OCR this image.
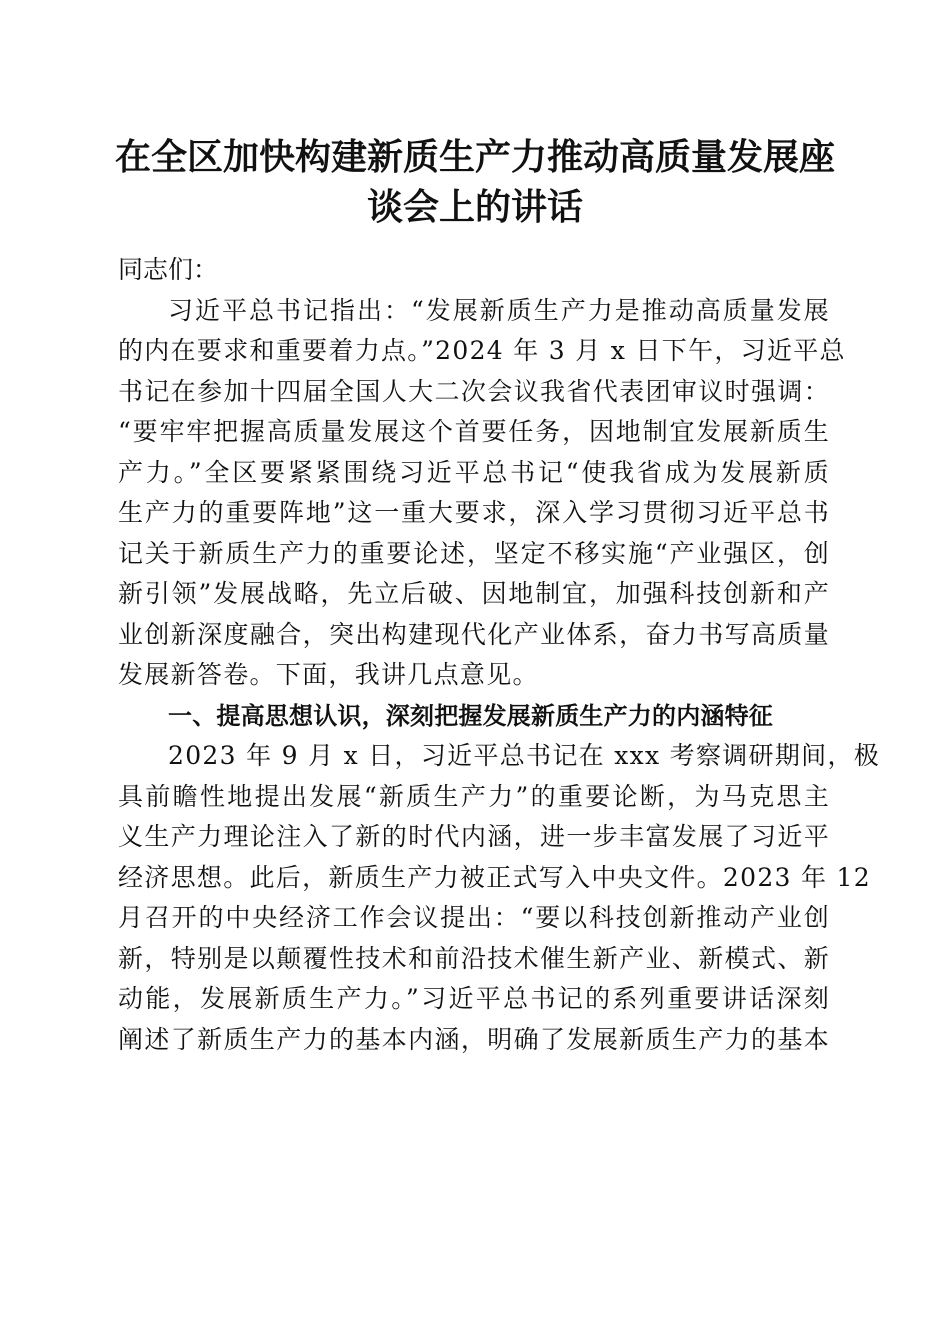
在全区加快构建新质生产力推动高质量发展座
谈会上的讲话

同志们：

习近平总书记指出：“发展新质生产力是推动高质量发展
的内在要求和重要着力点。”2024 年 3 月 x 日下午，习近平总
书记在参加十四届全国人大二次会议我省代表团审议时强调：
“要牢牢把握高质量发展这个首要任务，因地制宜发展新质生
产力。”全区要紧紧围绕习近平总书记“使我省成为发展新质
生产力的重要阵地”这一重大要求，深入学习贯彻习近平总书
记关于新质生产力的重要论述，坚定不移实施“产业强区，创
新引领”发展战略，先立后破、因地制宜，加强科技创新和产
业创新深度融合，突出构建现代化产业体系，奋力书写高质量
发展新答卷。下面，我讲几点意见。

一、提高思想认识，深刻把握发展新质生产力的内涵特征

2023 年 9 月 x 日，习近平总书记在 xxx 考察调研期间，极
具前瞻性地提出发展“新质生产力”的重要论断，为马克思主
义生产力理论注入了新的时代内涵，进一步丰富发展了习近平
经济思想。此后，新质生产力被正式写入中央文件。2023 年 12
月召开的中央经济工作会议提出：“要以科技创新推动产业创
新，特别是以颠覆性技术和前沿技术催生新产业、新模式、新
动能，发展新质生产力。”习近平总书记的系列重要讲话深刻
阐述了新质生产力的基本内涵，明确了发展新质生产力的基本
